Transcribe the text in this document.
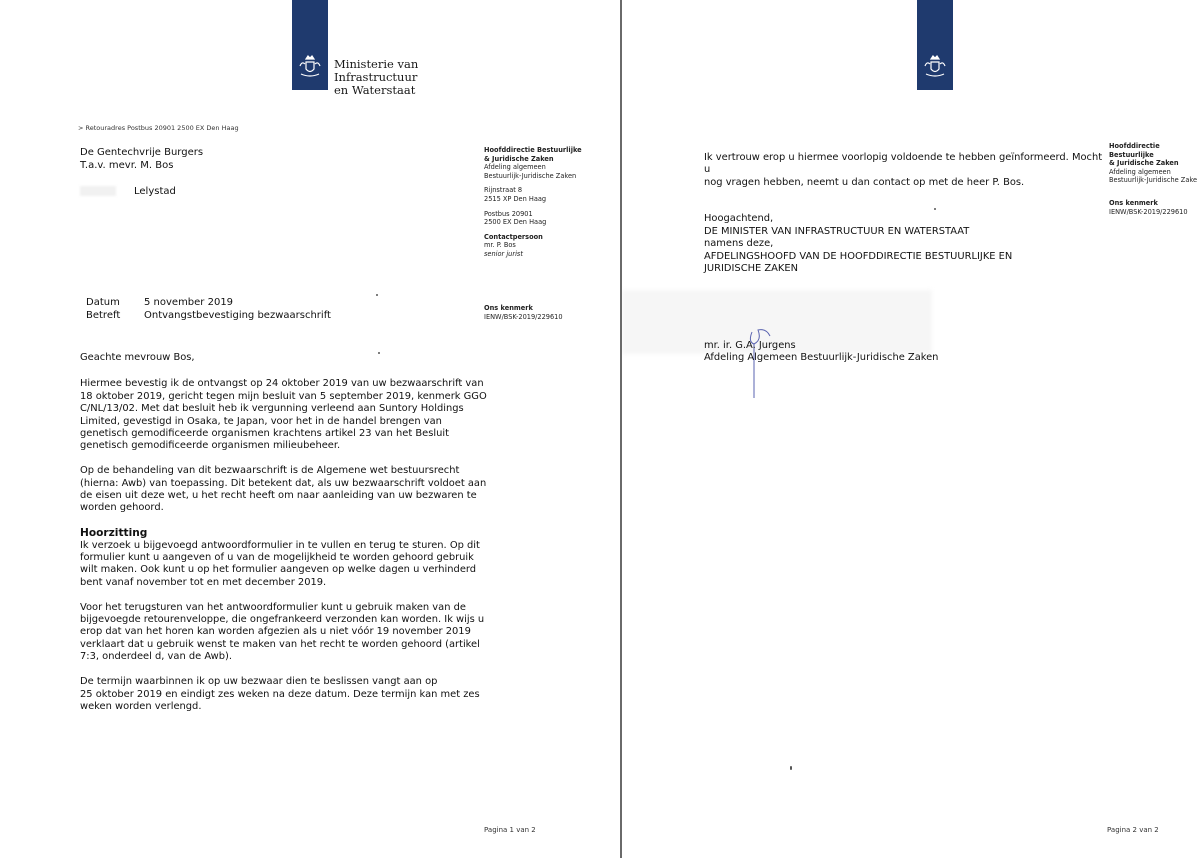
Ministerie van Infrastructuur
en Waterstaat
> Retouradres Postbus 20901 2500 EX Den Haag
De Gentechvrije Burgers
T.a.v. mevr. M. Bos
Lelystad
Hoofddirectie Bestuurlijke
& Juridische Zaken
Afdeling algemeen
Bestuurlijk-Juridische Zaken
Rijnstraat 8
2515 XP Den Haag
Postbus 20901
2500 EX Den Haag
Contactpersoon
mr. P. Bos
senior jurist
Ons kenmerk
IENW/BSK-2019/229610
Datum	5 november 2019
Betreft	Ontvangstbevestiging bezwaarschrift

Geachte mevrouw Bos,

Hiermee bevestig ik de ontvangst op 24 oktober 2019 van uw bezwaarschrift van
18 oktober 2019, gericht tegen mijn besluit van 5 september 2019, kenmerk GGO
C/NL/13/02. Met dat besluit heb ik vergunning verleend aan Suntory Holdings
Limited, gevestigd in Osaka, te Japan, voor het in de handel brengen van
genetisch gemodificeerde organismen krachtens artikel 23 van het Besluit
genetisch gemodificeerde organismen milieubeheer.

Op de behandeling van dit bezwaarschrift is de Algemene wet bestuursrecht
(hierna: Awb) van toepassing. Dit betekent dat, als uw bezwaarschrift voldoet aan
de eisen uit deze wet, u het recht heeft om naar aanleiding van uw bezwaren te
worden gehoord.

Hoorzitting

Ik verzoek u bijgevoegd antwoordformulier in te vullen en terug te sturen. Op dit
formulier kunt u aangeven of u van de mogelijkheid te worden gehoord gebruik
wilt maken. Ook kunt u op het formulier aangeven op welke dagen u verhinderd
bent vanaf november tot en met december 2019.

Voor het terugsturen van het antwoordformulier kunt u gebruik maken van de
bijgevoegde retourenveloppe, die ongefrankeerd verzonden kan worden. Ik wijs u
erop dat van het horen kan worden afgezien als u niet vóór 19 november 2019
verklaart dat u gebruik wenst te maken van het recht te worden gehoord (artikel
7:3, onderdeel d, van de Awb).

De termijn waarbinnen ik op uw bezwaar dien te beslissen vangt aan op
25 oktober 2019 en eindigt zes weken na deze datum. Deze termijn kan met zes
weken worden verlengd.

Pagina 1 van 2
Hoofddirectie Bestuurlijke
& Juridische Zaken
Afdeling algemeen
Bestuurlijk-Juridische Zake
Ons kenmerk
IENW/BSK-2019/229610

Ik vertrouw erop u hiermee voorlopig voldoende te hebben geïnformeerd. Mocht u
nog vragen hebben, neemt u dan contact op met de heer P. Bos.

Hoogachtend,

DE MINISTER VAN INFRASTRUCTUUR EN WATERSTAAT
namens deze,
AFDELINGSHOOFD VAN DE HOOFDDIRECTIE BESTUURLIJKE EN
JURIDISCHE ZAKEN
mr. ir. G.A. Jurgens
Afdeling Algemeen Bestuurlijk-Juridische Zaken
Pagina 2 van 2
